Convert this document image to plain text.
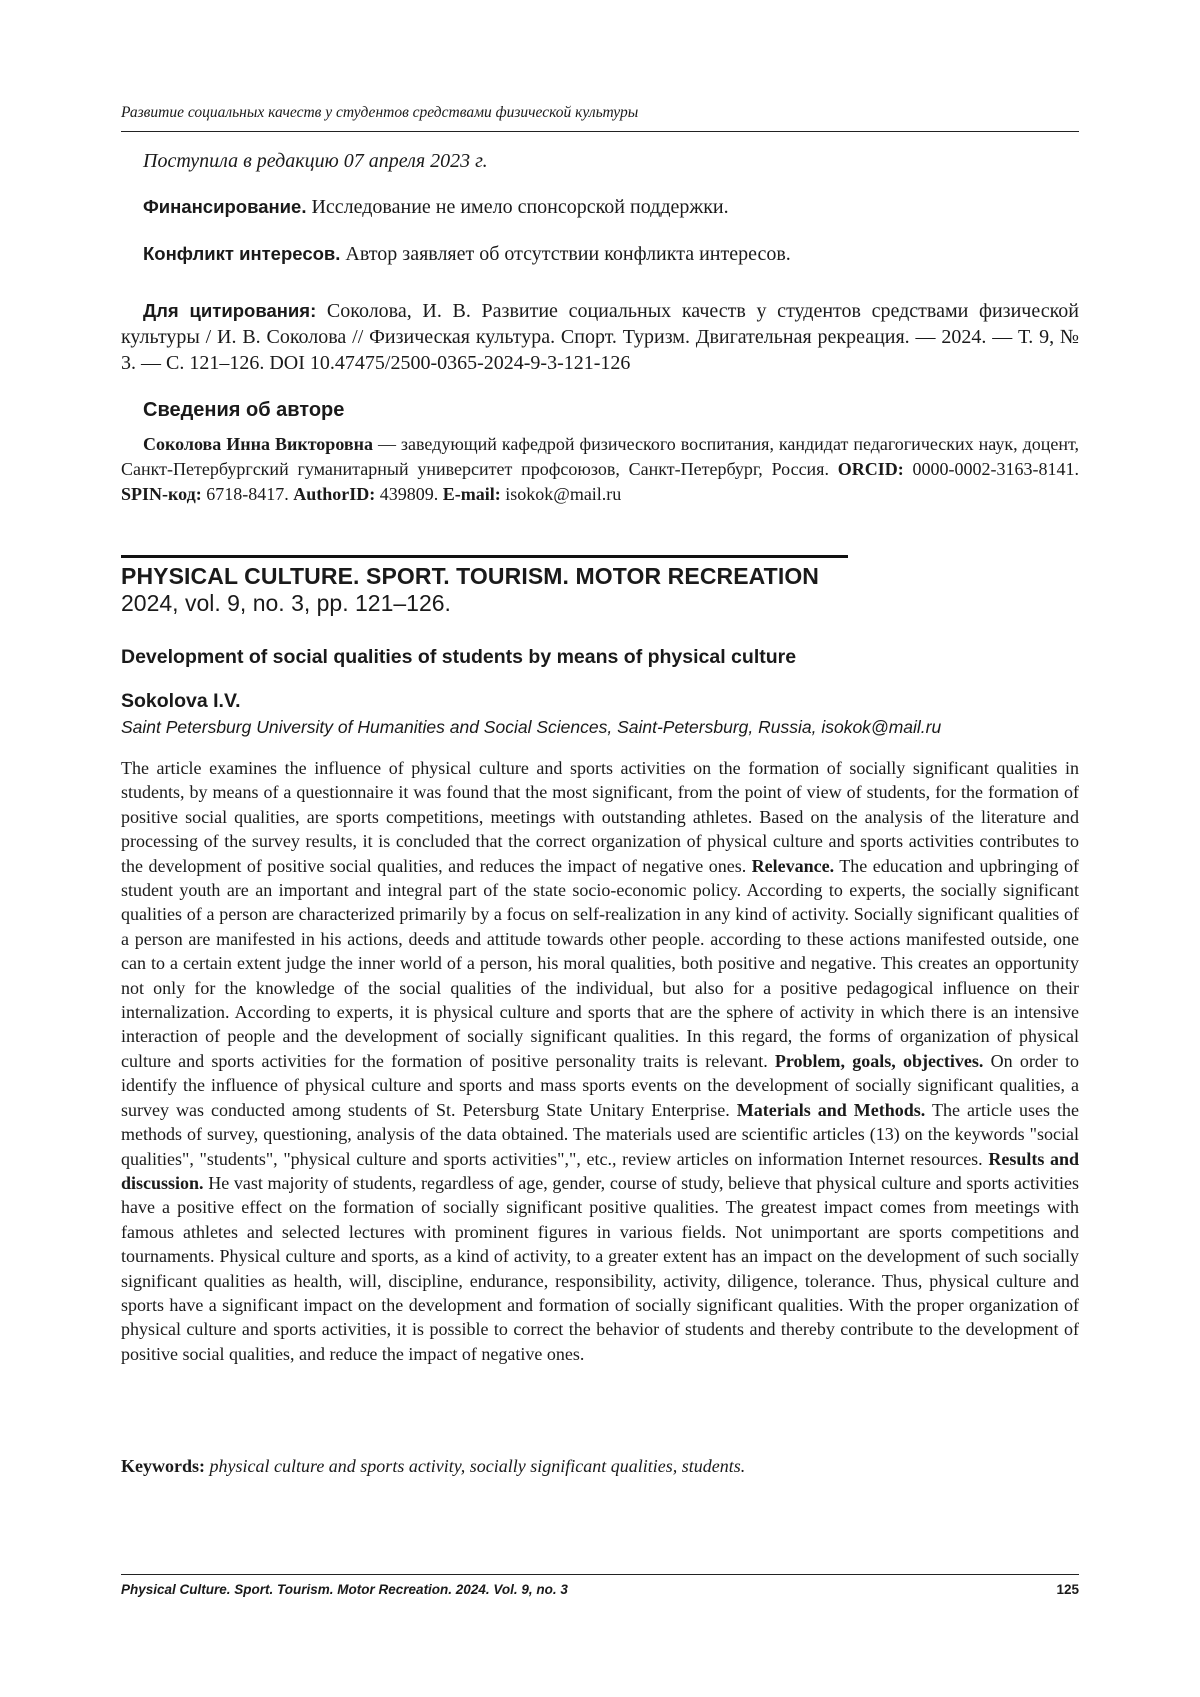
Развитие социальных качеств у студентов средствами физической культуры
Поступила в редакцию 07 апреля 2023 г.
Финансирование. Исследование не имело спонсорской поддержки.
Конфликт интересов. Автор заявляет об отсутствии конфликта интересов.
Для цитирования: Соколова, И. В. Развитие социальных качеств у студентов средствами физической культуры / И. В. Соколова // Физическая культура. Спорт. Туризм. Двигательная рекреация. — 2024. — Т. 9, № 3. — С. 121–126. DOI 10.47475/2500-0365-2024-9-3-121-126
Сведения об авторе
Соколова Инна Викторовна — заведующий кафедрой физического воспитания, кандидат педагогических наук, доцент, Санкт-Петербургский гуманитарный университет профсоюзов, Санкт-Петербург, Россия. ORCID: 0000-0002-3163-8141. SPIN-код: 6718-8417. AuthorID: 439809. E-mail: isokok@mail.ru
PHYSICAL CULTURE. SPORT. TOURISM. MOTOR RECREATION
2024, vol. 9, no. 3, pp. 121–126.
Development of social qualities of students by means of physical culture
Sokolova I.V.
Saint Petersburg University of Humanities and Social Sciences, Saint-Petersburg, Russia, isokok@mail.ru
The article examines the influence of physical culture and sports activities on the formation of socially significant qualities in students, by means of a questionnaire it was found that the most significant, from the point of view of students, for the formation of positive social qualities, are sports competitions, meetings with outstanding athletes. Based on the analysis of the literature and processing of the survey results, it is concluded that the correct organization of physical culture and sports activities contributes to the development of positive social qualities, and reduces the impact of negative ones. Relevance. The education and upbringing of student youth are an important and integral part of the state socio-economic policy. According to experts, the socially significant qualities of a person are characterized primarily by a focus on self-realization in any kind of activity. Socially significant qualities of a person are manifested in his actions, deeds and attitude towards other people. according to these actions manifested outside, one can to a certain extent judge the inner world of a person, his moral qualities, both positive and negative. This creates an opportunity not only for the knowledge of the social qualities of the individual, but also for a positive pedagogical influence on their internalization. According to experts, it is physical culture and sports that are the sphere of activity in which there is an intensive interaction of people and the development of socially significant qualities. In this regard, the forms of organization of physical culture and sports activities for the formation of positive personality traits is relevant. Problem, goals, objectives. On order to identify the influence of physical culture and sports and mass sports events on the development of socially significant qualities, a survey was conducted among students of St. Petersburg State Unitary Enterprise. Materials and Methods. The article uses the methods of survey, questioning, analysis of the data obtained. The materials used are scientific articles (13) on the keywords "social qualities", "students", "physical culture and sports activities",", etc., review articles on information Internet resources. Results and discussion. He vast majority of students, regardless of age, gender, course of study, believe that physical culture and sports activities have a positive effect on the formation of socially significant positive qualities. The greatest impact comes from meetings with famous athletes and selected lectures with prominent figures in various fields. Not unimportant are sports competitions and tournaments. Physical culture and sports, as a kind of activity, to a greater extent has an impact on the development of such socially significant qualities as health, will, discipline, endurance, responsibility, activity, diligence, tolerance. Thus, physical culture and sports have a significant impact on the development and formation of socially significant qualities. With the proper organization of physical culture and sports activities, it is possible to correct the behavior of students and thereby contribute to the development of positive social qualities, and reduce the impact of negative ones.
Keywords: physical culture and sports activity, socially significant qualities, students.
Physical Culture. Sport. Tourism. Motor Recreation. 2024. Vol. 9, no. 3	125
